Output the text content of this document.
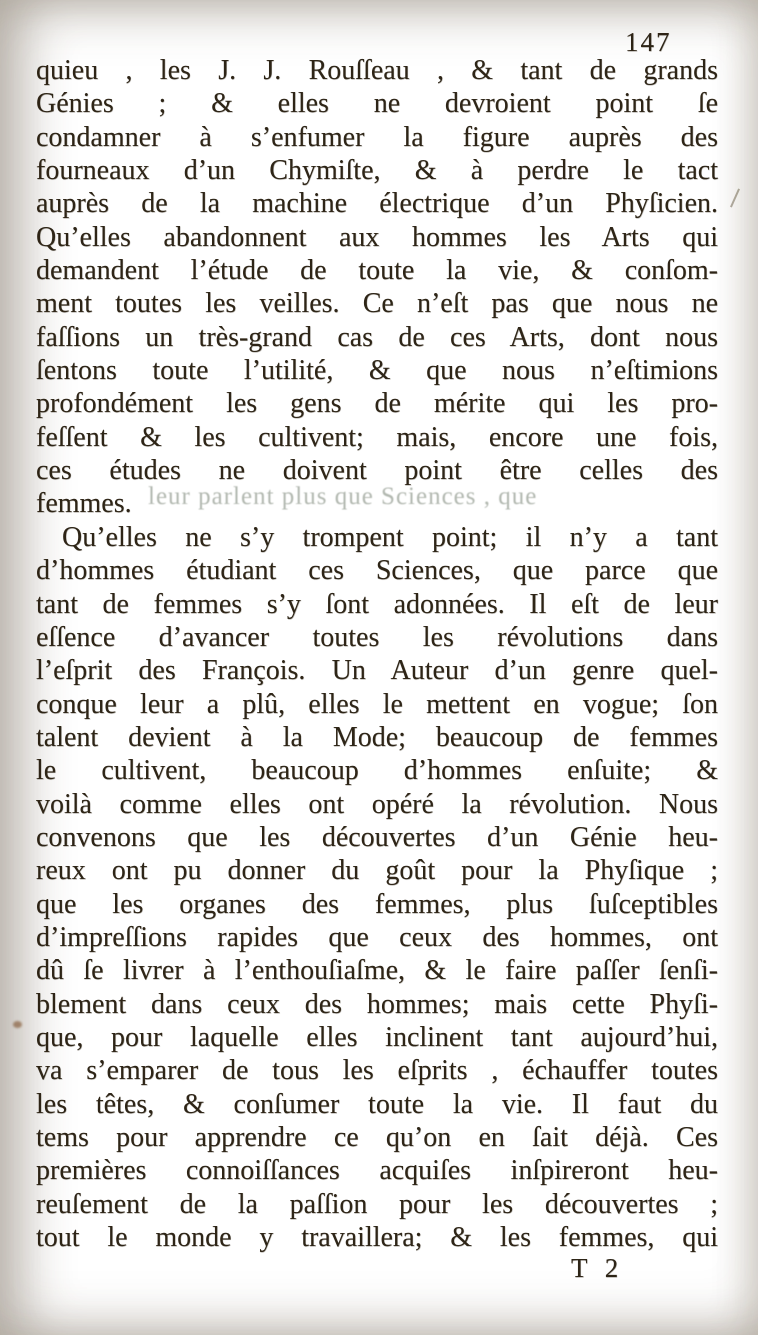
147
leur parlent plus que Sciences , que
quieu , les J. J. Rouſſeau , & tant de grands
Génies ; & elles ne devroient point ſe
condamner à s’enfumer la figure auprès des
fourneaux d’un Chymiſte, & à perdre le tact
auprès de la machine électrique d’un Phyſicien.
Qu’elles abandonnent aux hommes les Arts qui
demandent l’étude de toute la vie, & conſom-
ment toutes les veilles. Ce n’eſt pas que nous ne
faſſions un très-grand cas de ces Arts, dont nous
ſentons toute l’utilité, & que nous n’eſtimions
profondément les gens de mérite qui les pro-
feſſent & les cultivent; mais, encore une fois,
ces études ne doivent point être celles des
femmes.
Qu’elles ne s’y trompent point; il n’y a tant
d’hommes étudiant ces Sciences, que parce que
tant de femmes s’y ſont adonnées. Il eſt de leur
eſſence d’avancer toutes les révolutions dans
l’eſprit des François. Un Auteur d’un genre quel-
conque leur a plû, elles le mettent en vogue; ſon
talent devient à la Mode; beaucoup de femmes
le cultivent, beaucoup d’hommes enſuite; &
voilà comme elles ont opéré la révolution. Nous
convenons que les découvertes d’un Génie heu-
reux ont pu donner du goût pour la Phyſique ;
que les organes des femmes, plus ſuſceptibles
d’impreſſions rapides que ceux des hommes, ont
dû ſe livrer à l’enthouſiaſme, & le faire paſſer ſenſi-
blement dans ceux des hommes; mais cette Phyſi-
que, pour laquelle elles inclinent tant aujourd’hui,
va s’emparer de tous les eſprits , échauffer toutes
les têtes, & conſumer toute la vie. Il faut du
tems pour apprendre ce qu’on en ſait déjà. Ces
premières connoiſſances acquiſes inſpireront heu-
reuſement de la paſſion pour les découvertes ;
tout le monde y travaillera; & les femmes, qui
T 2
